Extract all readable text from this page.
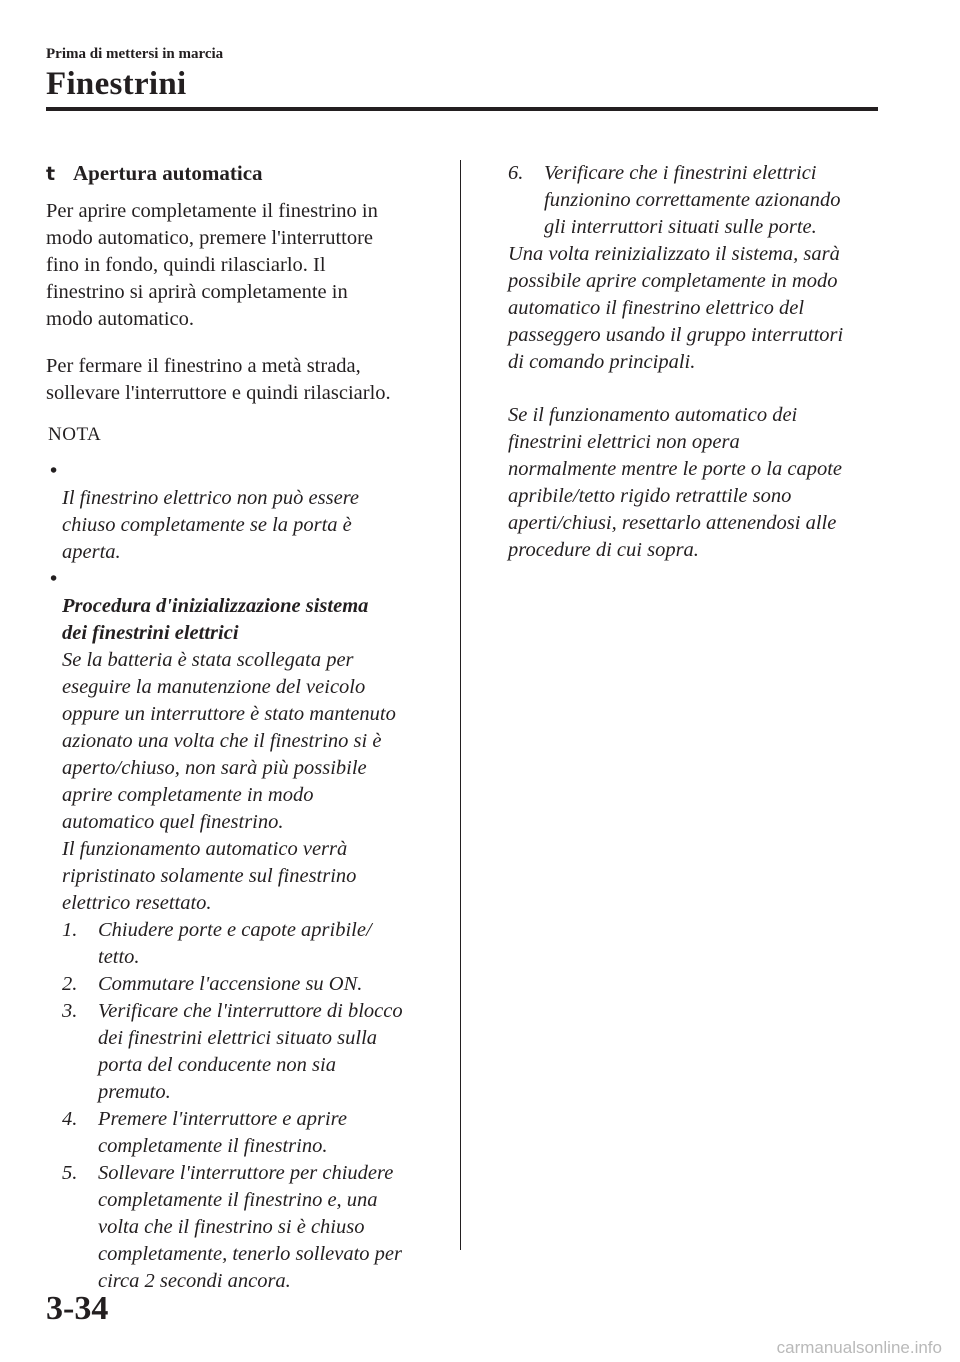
Prima di mettersi in marcia
Finestrini
t Apertura automatica

Per aprire completamente il finestrino in
modo automatico, premere l'interruttore
fino in fondo, quindi rilasciarlo. Il
finestrino si aprirà completamente in
modo automatico.

Per fermare il finestrino a metà strada,
sollevare l'interruttore e quindi rilasciarlo.

NOTA

•
Il finestrino elettrico non può essere
chiuso completamente se la porta è
aperta.

•
Procedura d'inizializzazione sistema
dei finestrini elettrici

Se la batteria è stata scollegata per
eseguire la manutenzione del veicolo
oppure un interruttore è stato mantenuto
azionato una volta che il finestrino si è
aperto/chiuso, non sarà più possibile
aprire completamente in modo
automatico quel finestrino.
Il funzionamento automatico verrà
ripristinato solamente sul finestrino
elettrico resettato.
1. Chiudere porte e capote apribile/
tetto.
2. Commutare l'accensione su ON.
3. Verificare che l'interruttore di blocco
dei finestrini elettrici situato sulla
porta del conducente non sia
premuto.
4. Premere l'interruttore e aprire
completamente il finestrino.
5. Sollevare l'interruttore per chiudere
completamente il finestrino e, una
volta che il finestrino si è chiuso
completamente, tenerlo sollevato per
circa 2 secondi ancora.
6. Verificare che i finestrini elettrici
funzionino correttamente azionando
gli interruttori situati sulle porte.

Una volta reinizializzato il sistema, sarà
possibile aprire completamente in modo
automatico il finestrino elettrico del
passeggero usando il gruppo interruttori
di comando principali.

Se il funzionamento automatico dei
finestrini elettrici non opera
normalmente mentre le porte o la capote
apribile/tetto rigido retrattile sono
aperti/chiusi, resettarlo attenendosi alle
procedure di cui sopra.

3-34
carmanualsonline.info
